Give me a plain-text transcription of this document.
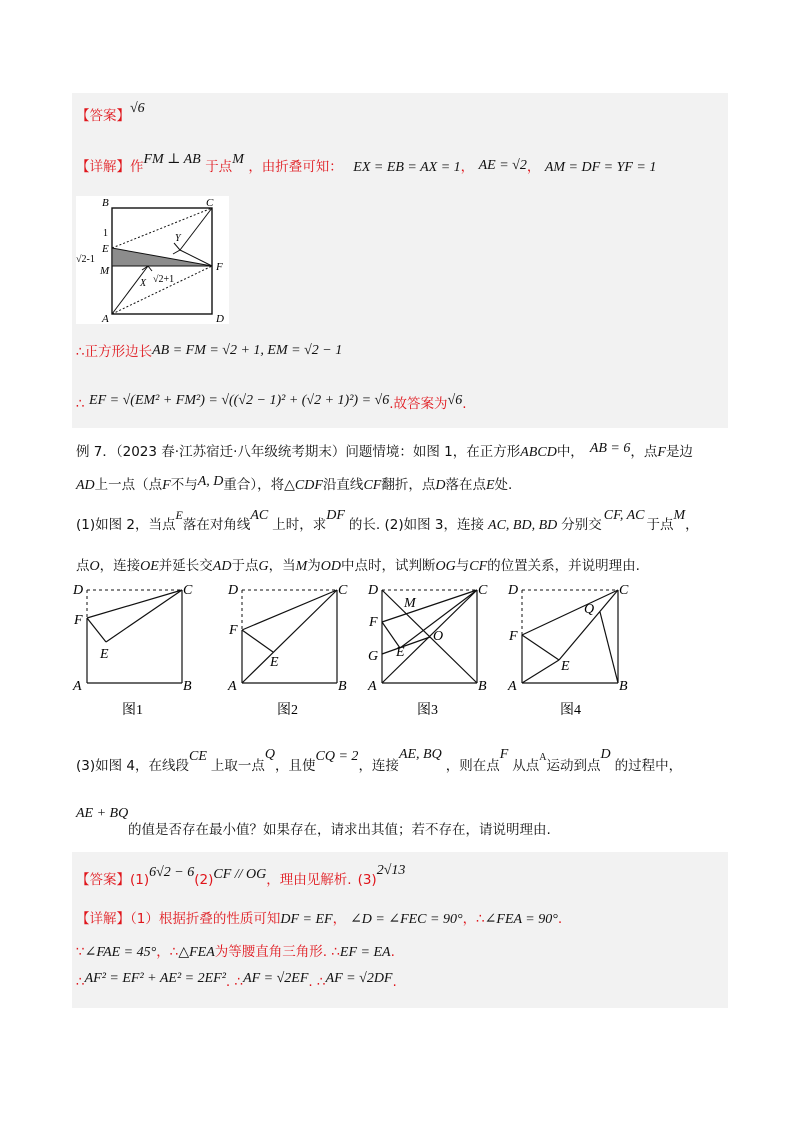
【答案】√6
【详解】作FM ⊥ AB 于点M ，由折叠可知： EX = EB = AX = 1， AE = √2， AM = DF = YF = 1
B	C
1
E
√2-1
M	F
Y
X √2+1
A	D
∴正方形边长AB = FM = √2 + 1, EM = √2 − 1
∴ EF = √(EM² + FM²) = √((√2 − 1)² + (√2 + 1)²) = √6.故答案为√6.
例 7．（2023 春·江苏宿迁·八年级统考期末）问题情境：如图 1，在正方形ABCD中， AB = 6，点F是边
AD上一点（点F不与A, D重合），将△CDF沿直线CF翻折，点D落在点E处.
(1)如图 2，当点E落在对角线AC上时，求DF的长. (2)如图 3，连接 AC, BD, BD 分别交CF, AC于点M，
点O，连接OE并延长交AD于点G，当M为OD中点时，试判断OG与CF的位置关系，并说明理由.
D	C
F
E
A	B
D	C
F
E
A	B
D	C
M
F
O
E
G
A	B
D	C
Q
F
E
A	B
图1	图2	图3	图4
(3)如图 4，在线段CE上取一点Q，且使CQ = 2，连接AE, BQ，则在点F从点$^A$运动到点D的过程中，
AE + BQ
的值是否存在最小值？如果存在，请求出其值；若不存在，请说明理由.
【答案】(1)6√2 − 6(2)CF // OG，理由见解析. (3)2√13
【详解】（1）根据折叠的性质可知DF = EF， ∠D = ∠FEC = 90°，∴∠FEA = 90°.
∵∠FAE = 45°，∴△FEA为等腰直角三角形. ∴EF = EA.
∴AF² = EF² + AE² = 2EF². ∴AF = √2EF. ∴AF = √2DF.
